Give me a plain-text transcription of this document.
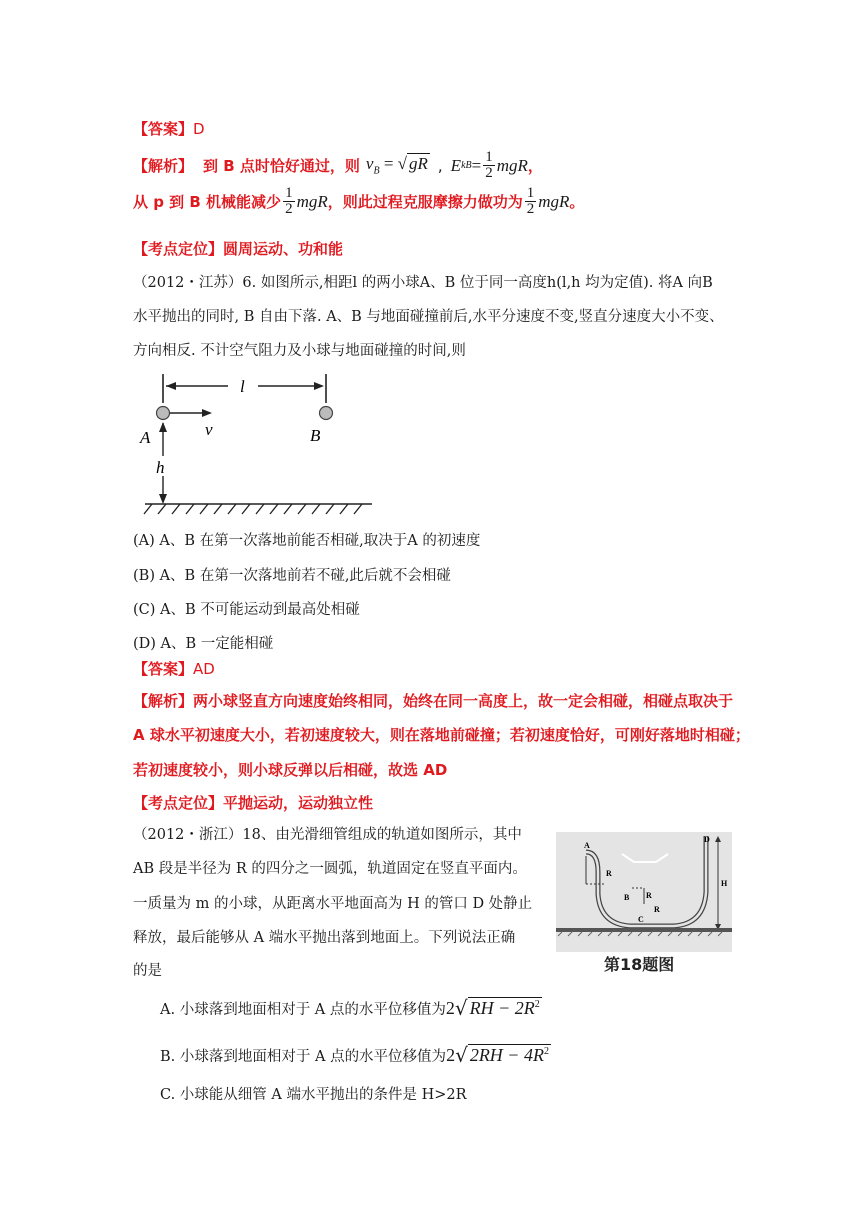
【答案】D
【解析】 到 B 点时恰好通过，则 $v_B$ = √ gR , E kB = $\frac{1}{2}$ mgR ，
从 p 到 B 机械能减少 $\frac{1}{2}$ mgR ，则此过程克服摩擦力做功为 $\frac{1}{2}$ mgR 。
【考点定位】圆周运动、功和能
（2012・江苏）6. 如图所示,相距l 的两小球A、B 位于同一高度h(l,h 均为定值). 将A 向B
水平抛出的同时, B 自由下落. A、B 与地面碰撞前后,水平分速度不变,竖直分速度大小不变、
方向相反. 不计空气阻力及小球与地面碰撞的时间,则
l
v
A	B
h
(A) A、B 在第一次落地前能否相碰,取决于A 的初速度
(B) A、B 在第一次落地前若不碰,此后就不会相碰
(C) A、B 不可能运动到最高处相碰
(D) A、B 一定能相碰
【答案】AD
【解析】两小球竖直方向速度始终相同，始终在同一高度上，故一定会相碰，相碰点取决于
A 球水平初速度大小，若初速度较大，则在落地前碰撞；若初速度恰好，可刚好落地时相碰；
若初速度较小，则小球反弹以后相碰，故选 AD
【考点定位】平抛运动，运动独立性
（2012・浙江）18、由光滑细管组成的轨道如图所示，其中
AB 段是半径为 R 的四分之一圆弧，轨道固定在竖直平面内。
一质量为 m 的小球，从距离水平地面高为 H 的管口 D 处静止
释放，最后能够从 A 端水平抛出落到地面上。下列说法正确
的是
A
R
B R
C
R
D
H
第18题图
A. 小球落到地面相对于 A 点的水平位移值为 2 √ RH − $2R^2$
B. 小球落到地面相对于 A 点的水平位移值为 2 √ $2RH - 4R^2$
C. 小球能从细管 A 端水平抛出的条件是 H>2R
